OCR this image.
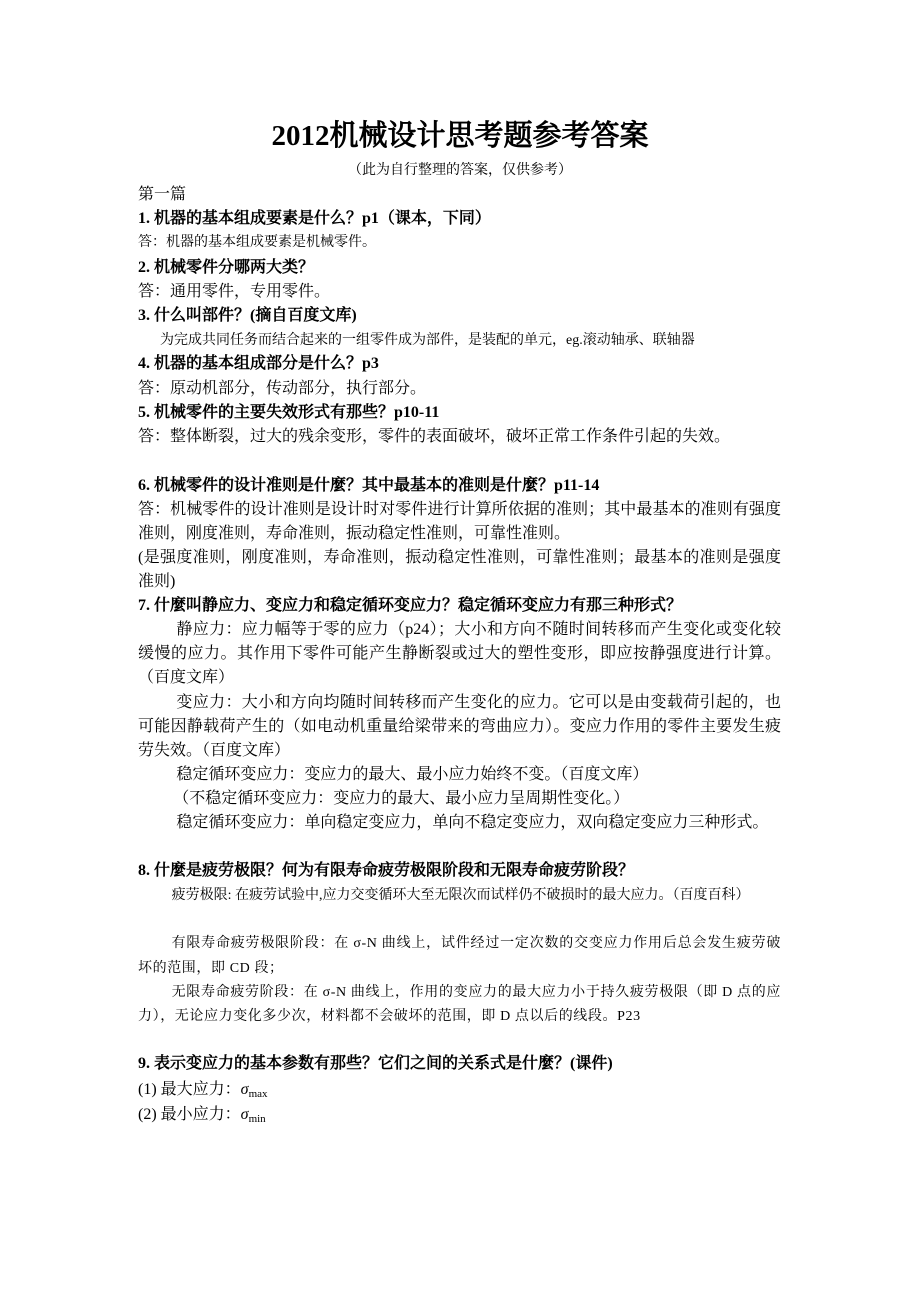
2012机械设计思考题参考答案
（此为自行整理的答案，仅供参考）
第一篇
1. 机器的基本组成要素是什么？p1（课本，下同）
答：机器的基本组成要素是机械零件。
2. 机械零件分哪两大类？
答：通用零件，专用零件。
3. 什么叫部件？(摘自百度文库)
为完成共同任务而结合起来的一组零件成为部件，是装配的单元，eg.滚动轴承、联轴器
4. 机器的基本组成部分是什么？p3
答：原动机部分，传动部分，执行部分。
5. 机械零件的主要失效形式有那些？p10-11
答：整体断裂，过大的残余变形，零件的表面破坏，破坏正常工作条件引起的失效。
6. 机械零件的设计准则是什麼？其中最基本的准则是什麼？p11-14
答：机械零件的设计准则是设计时对零件进行计算所依据的准则；其中最基本的准则有强度准则，刚度准则，寿命准则，振动稳定性准则，可靠性准则。
(是强度准则，刚度准则，寿命准则，振动稳定性准则，可靠性准则；最基本的准则是强度准则)
7. 什麼叫静应力、变应力和稳定循环变应力？稳定循环变应力有那三种形式？
静应力：应力幅等于零的应力（p24）；大小和方向不随时间转移而产生变化或变化较缓慢的应力。其作用下零件可能产生静断裂或过大的塑性变形，即应按静强度进行计算。（百度文库）
变应力：大小和方向均随时间转移而产生变化的应力。它可以是由变载荷引起的，也可能因静载荷产生的（如电动机重量给梁带来的弯曲应力）。变应力作用的零件主要发生疲劳失效。（百度文库）
稳定循环变应力：变应力的最大、最小应力始终不变。（百度文库）
（不稳定循环变应力：变应力的最大、最小应力呈周期性变化。）
稳定循环变应力：单向稳定变应力，单向不稳定变应力，双向稳定变应力三种形式。
8. 什麼是疲劳极限？何为有限寿命疲劳极限阶段和无限寿命疲劳阶段？
疲劳极限: 在疲劳试验中,应力交变循环大至无限次而试样仍不破损时的最大应力。（百度百科）
有限寿命疲劳极限阶段：在 σ-N 曲线上，试件经过一定次数的交变应力作用后总会发生疲劳破坏的范围，即 CD 段；
无限寿命疲劳阶段：在 σ-N 曲线上，作用的变应力的最大应力小于持久疲劳极限（即 D 点的应力），无论应力变化多少次，材料都不会破坏的范围，即 D 点以后的线段。P23
9. 表示变应力的基本参数有那些？它们之间的关系式是什麼？(课件)
(1) 最大应力：$\sigma_{max}$
(2) 最小应力：$\sigma_{min}$
